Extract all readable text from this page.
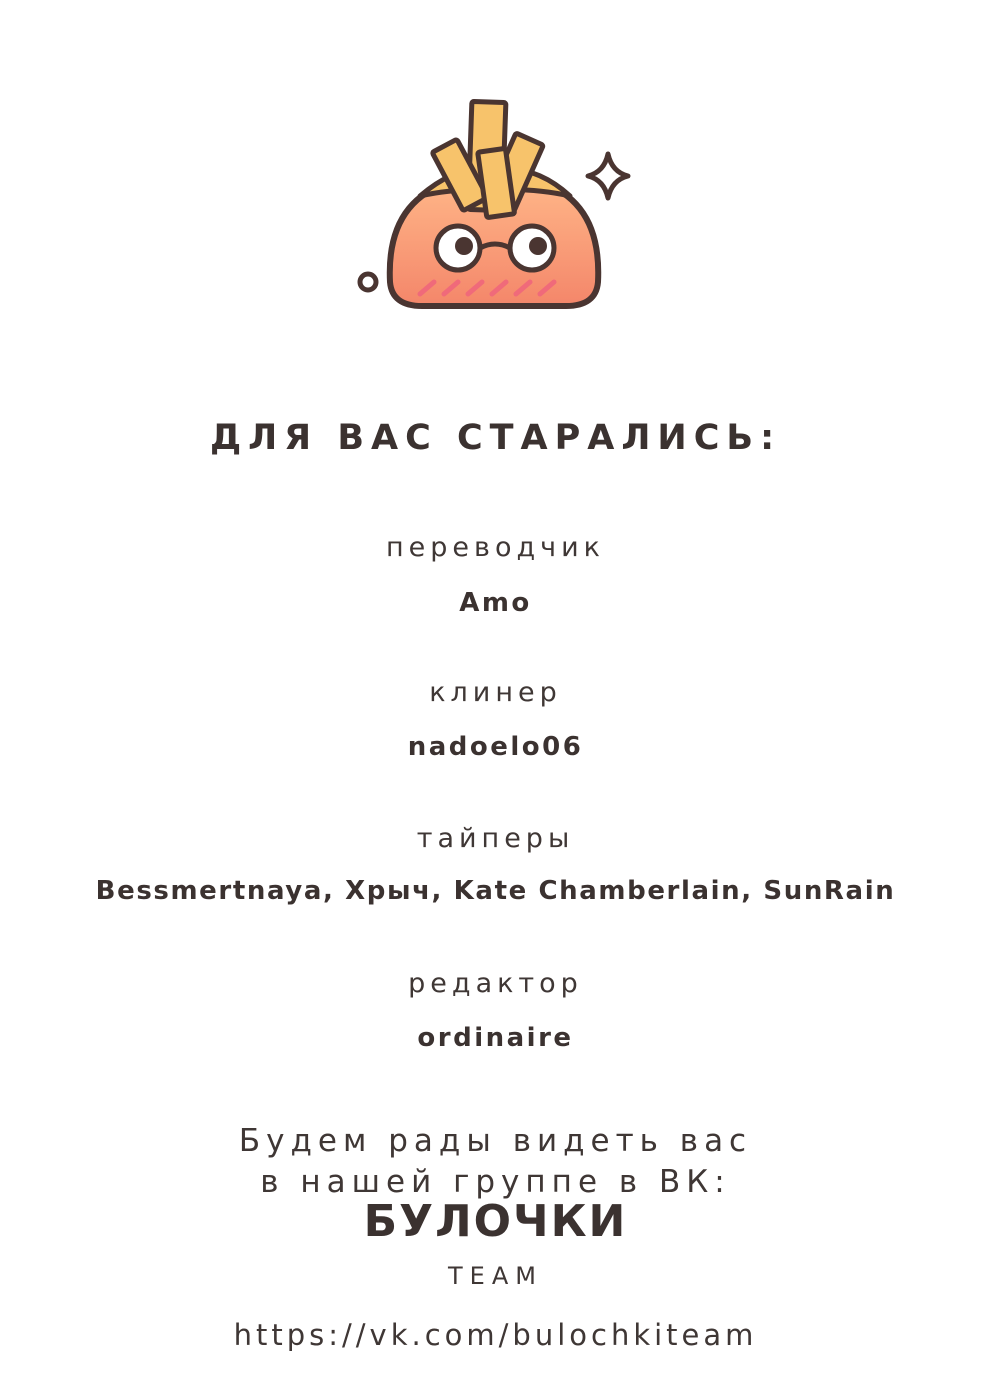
ДЛЯ ВАС СТАРАЛИСЬ:
переводчик
Amo
клинер
nadoelo06
тайперы
Bessmertnaya, Хрыч, Kate Chamberlain, SunRain
редактор
ordinaire
Будем рады видеть вас
в нашей группе в ВК:
БУЛОЧКИ
TEAM
https://vk.com/bulochkiteam
